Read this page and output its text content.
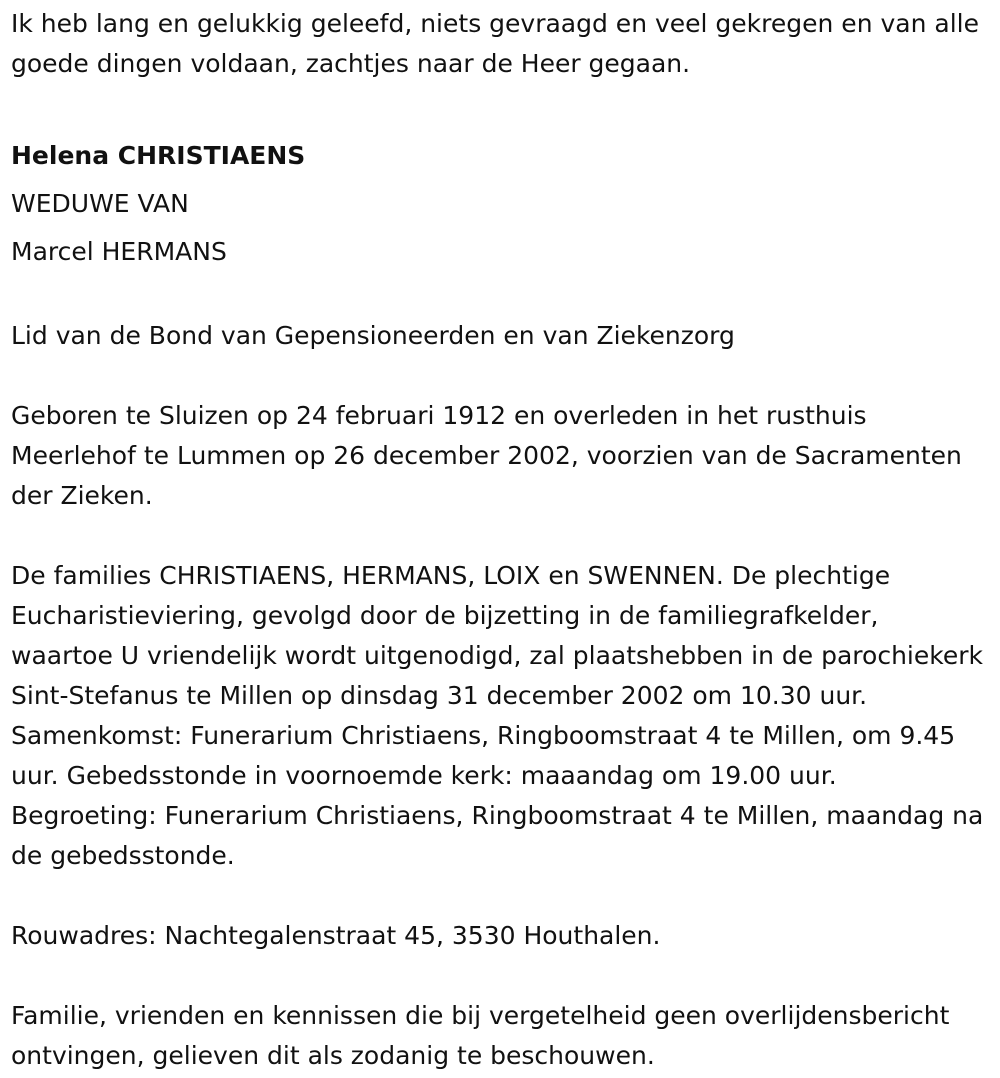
Ik heb lang en gelukkig geleefd, niets gevraagd en veel gekregen en van alle goede dingen voldaan, zachtjes naar de Heer gegaan.

Helena CHRISTIAENS

WEDUWE VAN

Marcel HERMANS

Lid van de Bond van Gepensioneerden en van Ziekenzorg

Geboren te Sluizen op 24 februari 1912 en overleden in het rusthuis Meerlehof te Lummen op 26 december 2002, voorzien van de Sacramenten der Zieken.

De families CHRISTIAENS, HERMANS, LOIX en SWENNEN. De plechtige Eucharistieviering, gevolgd door de bijzetting in de familiegrafkelder, waartoe U vriendelijk wordt uitgenodigd, zal plaatshebben in de parochiekerk Sint-Stefanus te Millen op dinsdag 31 december 2002 om 10.30 uur. Samenkomst: Funerarium Christiaens, Ringboomstraat 4 te Millen, om 9.45 uur. Gebedsstonde in voornoemde kerk: maaandag om 19.00 uur. Begroeting: Funerarium Christiaens, Ringboomstraat 4 te Millen, maandag na de gebedsstonde.

Rouwadres: Nachtegalenstraat 45, 3530 Houthalen.

Familie, vrienden en kennissen die bij vergetelheid geen overlijdensbericht ontvingen, gelieven dit als zodanig te beschouwen.
